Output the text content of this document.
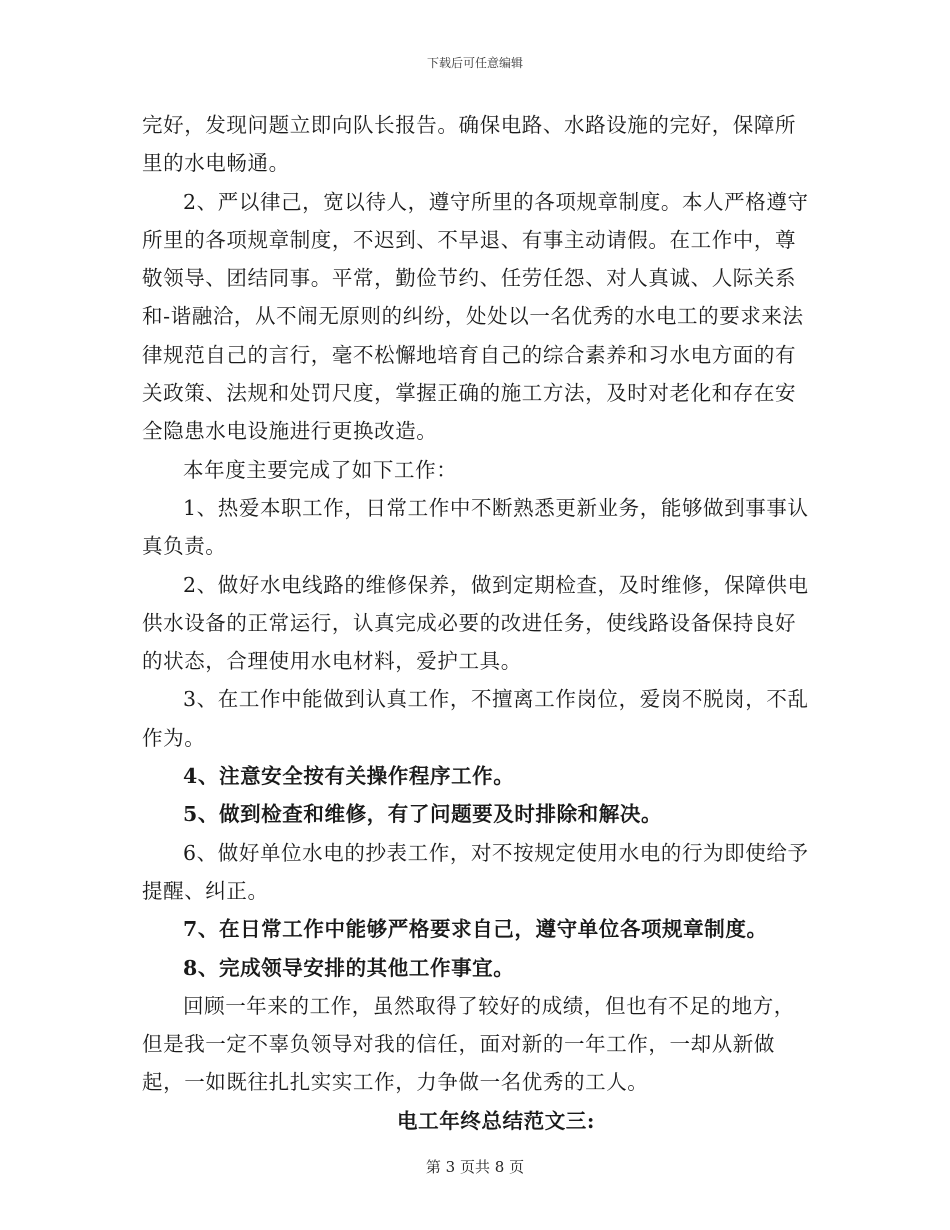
下载后可任意编辑

完好，发现问题立即向队长报告。确保电路、水路设施的完好，保障所里的水电畅通。

2、严以律己，宽以待人，遵守所里的各项规章制度。本人严格遵守所里的各项规章制度，不迟到、不早退、有事主动请假。在工作中，尊敬领导、团结同事。平常，勤俭节约、任劳任怨、对人真诚、人际关系和-谐融洽，从不闹无原则的纠纷，处处以一名优秀的水电工的要求来法律规范自己的言行，毫不松懈地培育自己的综合素养和习水电方面的有关政策、法规和处罚尺度，掌握正确的施工方法，及时对老化和存在安全隐患水电设施进行更换改造。

本年度主要完成了如下工作：

1、热爱本职工作，日常工作中不断熟悉更新业务，能够做到事事认真负责。

2、做好水电线路的维修保养，做到定期检查，及时维修，保障供电供水设备的正常运行，认真完成必要的改进任务，使线路设备保持良好的状态，合理使用水电材料，爱护工具。

3、在工作中能做到认真工作，不擅离工作岗位，爱岗不脱岗，不乱作为。

4、注意安全按有关操作程序工作。

5、做到检查和维修，有了问题要及时排除和解决。

6、做好单位水电的抄表工作，对不按规定使用水电的行为即使给予提醒、纠正。

7、在日常工作中能够严格要求自己，遵守单位各项规章制度。

8、完成领导安排的其他工作事宜。

回顾一年来的工作，虽然取得了较好的成绩，但也有不足的地方，但是我一定不辜负领导对我的信任，面对新的一年工作，一却从新做起，一如既往扎扎实实工作，力争做一名优秀的工人。

电工年终总结范文三:

第 3 页共 8 页
